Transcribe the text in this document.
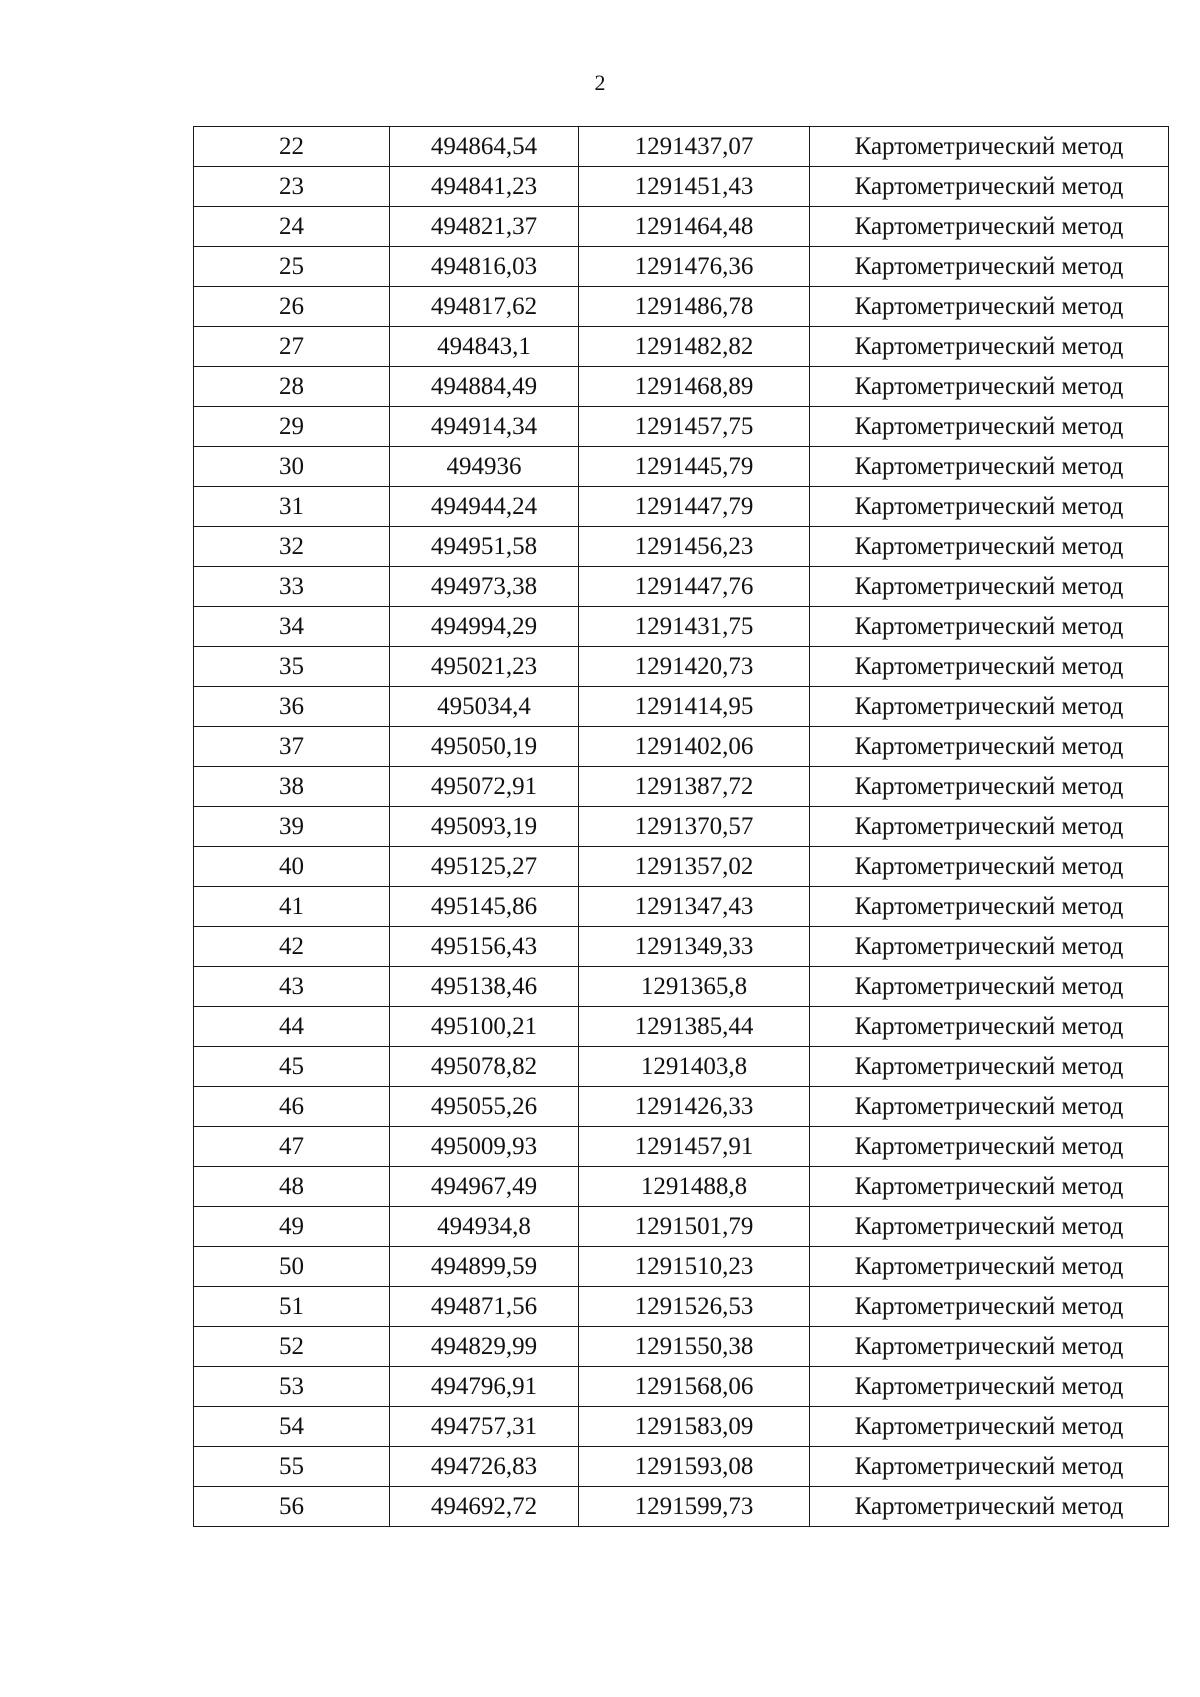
2
22	494864,54	1291437,07	Картометрический метод
23	494841,23	1291451,43	Картометрический метод
24	494821,37	1291464,48	Картометрический метод
25	494816,03	1291476,36	Картометрический метод
26	494817,62	1291486,78	Картометрический метод
27	494843,1	1291482,82	Картометрический метод
28	494884,49	1291468,89	Картометрический метод
29	494914,34	1291457,75	Картометрический метод
30	494936	1291445,79	Картометрический метод
31	494944,24	1291447,79	Картометрический метод
32	494951,58	1291456,23	Картометрический метод
33	494973,38	1291447,76	Картометрический метод
34	494994,29	1291431,75	Картометрический метод
35	495021,23	1291420,73	Картометрический метод
36	495034,4	1291414,95	Картометрический метод
37	495050,19	1291402,06	Картометрический метод
38	495072,91	1291387,72	Картометрический метод
39	495093,19	1291370,57	Картометрический метод
40	495125,27	1291357,02	Картометрический метод
41	495145,86	1291347,43	Картометрический метод
42	495156,43	1291349,33	Картометрический метод
43	495138,46	1291365,8	Картометрический метод
44	495100,21	1291385,44	Картометрический метод
45	495078,82	1291403,8	Картометрический метод
46	495055,26	1291426,33	Картометрический метод
47	495009,93	1291457,91	Картометрический метод
48	494967,49	1291488,8	Картометрический метод
49	494934,8	1291501,79	Картометрический метод
50	494899,59	1291510,23	Картометрический метод
51	494871,56	1291526,53	Картометрический метод
52	494829,99	1291550,38	Картометрический метод
53	494796,91	1291568,06	Картометрический метод
54	494757,31	1291583,09	Картометрический метод
55	494726,83	1291593,08	Картометрический метод
56	494692,72	1291599,73	Картометрический метод
